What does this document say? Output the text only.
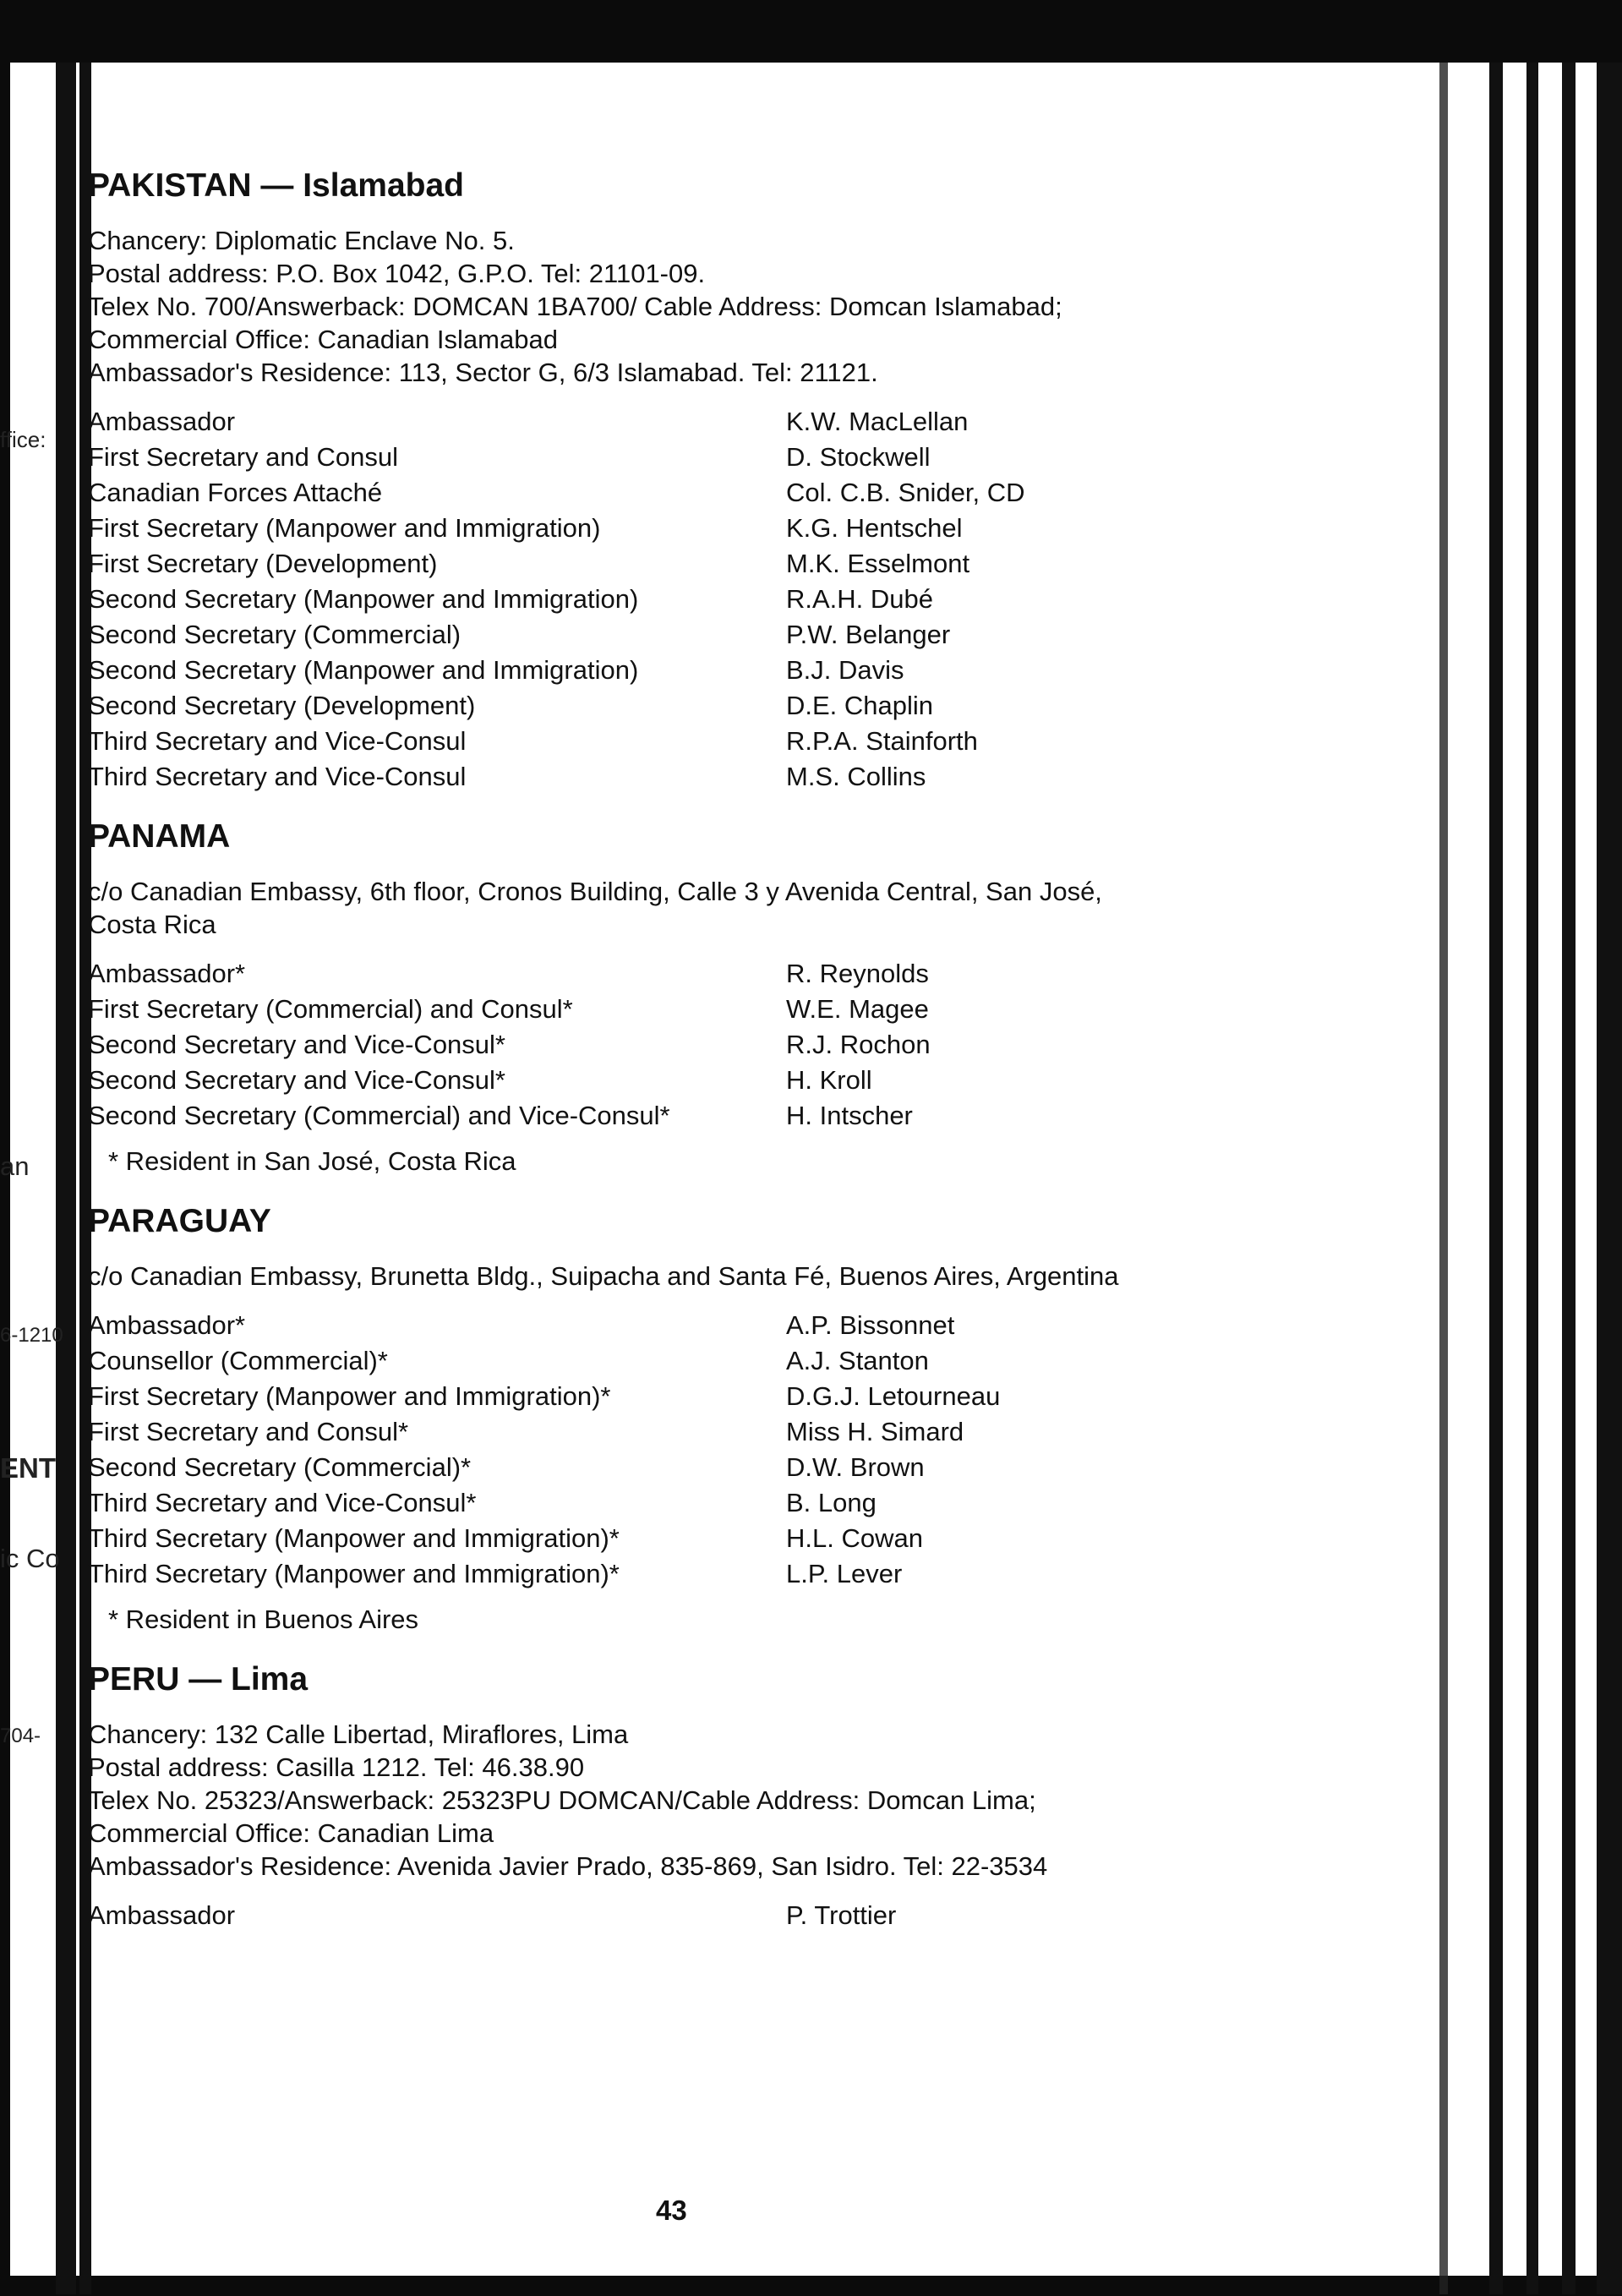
ffice:
an
6-1210
ENT
ic Co
704-
PAKISTAN — Islamabad
Chancery: Diplomatic Enclave No. 5.
Postal address: P.O. Box 1042, G.P.O. Tel: 21101-09.
Telex No. 700/Answerback: DOMCAN 1BA700/ Cable Address: Domcan Islamabad;
Commercial Office: Canadian Islamabad
Ambassador's Residence: 113, Sector G, 6/3 Islamabad. Tel: 21121.
Ambassador	K.W. MacLellan
First Secretary and Consul	D. Stockwell
Canadian Forces Attaché	Col. C.B. Snider, CD
First Secretary (Manpower and Immigration)	K.G. Hentschel
First Secretary (Development)	M.K. Esselmont
Second Secretary (Manpower and Immigration)	R.A.H. Dubé
Second Secretary (Commercial)	P.W. Belanger
Second Secretary (Manpower and Immigration)	B.J. Davis
Second Secretary (Development)	D.E. Chaplin
Third Secretary and Vice-Consul	R.P.A. Stainforth
Third Secretary and Vice-Consul	M.S. Collins
PANAMA
c/o Canadian Embassy, 6th floor, Cronos Building, Calle 3 y Avenida Central, San José,
Costa Rica
Ambassador*	R. Reynolds
First Secretary (Commercial) and Consul*	W.E. Magee
Second Secretary and Vice-Consul*	R.J. Rochon
Second Secretary and Vice-Consul*	H. Kroll
Second Secretary (Commercial) and Vice-Consul*	H. Intscher
* Resident in San José, Costa Rica
PARAGUAY
c/o Canadian Embassy, Brunetta Bldg., Suipacha and Santa Fé, Buenos Aires, Argentina
Ambassador*	A.P. Bissonnet
Counsellor (Commercial)*	A.J. Stanton
First Secretary (Manpower and Immigration)*	D.G.J. Letourneau
First Secretary and Consul*	Miss H. Simard
Second Secretary (Commercial)*	D.W. Brown
Third Secretary and Vice-Consul*	B. Long
Third Secretary (Manpower and Immigration)*	H.L. Cowan
Third Secretary (Manpower and Immigration)*	L.P. Lever
* Resident in Buenos Aires
PERU — Lima
Chancery: 132 Calle Libertad, Miraflores, Lima
Postal address: Casilla 1212. Tel: 46.38.90
Telex No. 25323/Answerback: 25323PU DOMCAN/Cable Address: Domcan Lima;
Commercial Office: Canadian Lima
Ambassador's Residence: Avenida Javier Prado, 835-869, San Isidro. Tel: 22-3534
Ambassador	P. Trottier
43
